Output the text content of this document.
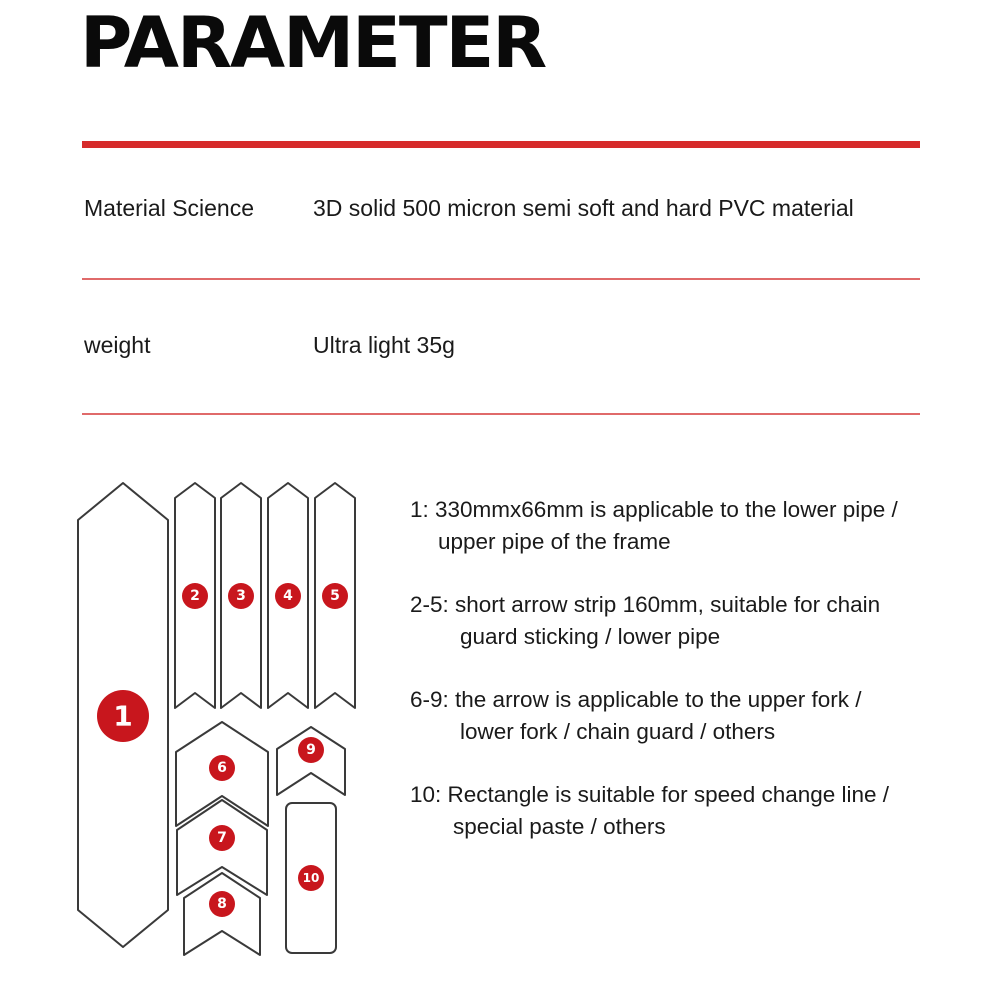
PARAMETER
Material Science	3D solid 500 micron semi soft and hard PVC material
weight	Ultra light 35g
1
2	3	4	5
6
7
8
9
10
1: 330mmx66mm is applicable to the lower pipe /
upper pipe of the frame
2-5: short arrow strip 160mm, suitable for chain
guard sticking / lower pipe
6-9: the arrow is applicable to the upper fork /
lower fork / chain guard / others
10: Rectangle is suitable for speed change line /
special paste / others
